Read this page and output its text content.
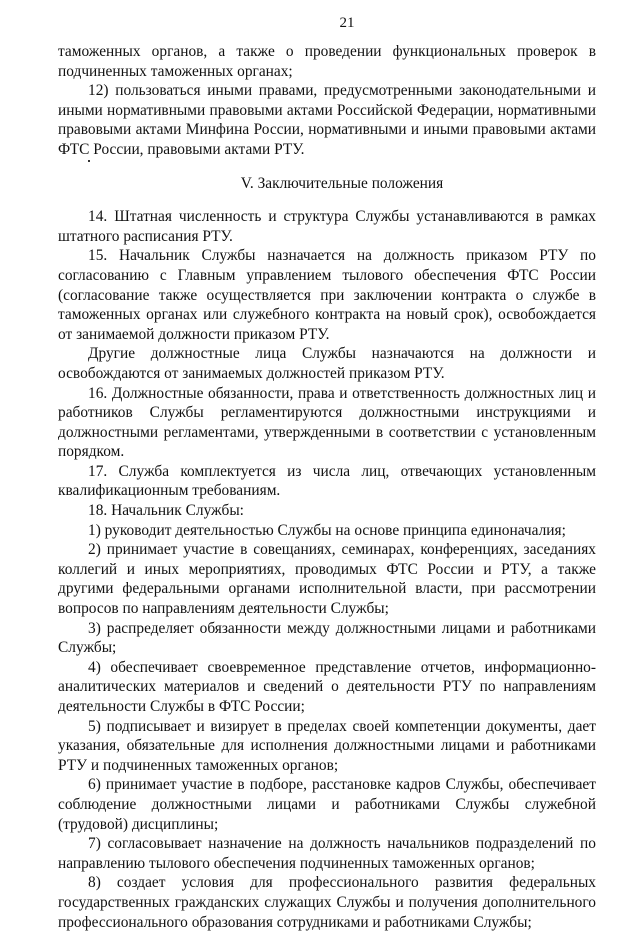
21

таможенных органов, а также о проведении функциональных проверок в подчиненных таможенных органах;

12) пользоваться иными правами, предусмотренными законодательными и иными нормативными правовыми актами Российской Федерации, нормативными правовыми актами Минфина России, нормативными и иными правовыми актами ФТС России, правовыми актами РТУ.

V. Заключительные положения

14. Штатная численность и структура Службы устанавливаются в рамках штатного расписания РТУ.

15. Начальник Службы назначается на должность приказом РТУ по согласованию с Главным управлением тылового обеспечения ФТС России (согласование также осуществляется при заключении контракта о службе в таможенных органах или служебного контракта на новый срок), освобождается от занимаемой должности приказом РТУ.

Другие должностные лица Службы назначаются на должности и освобождаются от занимаемых должностей приказом РТУ.

16. Должностные обязанности, права и ответственность должностных лиц и работников Службы регламентируются должностными инструкциями и должностными регламентами, утвержденными в соответствии с установленным порядком.

17. Служба комплектуется из числа лиц, отвечающих установленным квалификационным требованиям.

18. Начальник Службы:

1) руководит деятельностью Службы на основе принципа единоначалия;

2) принимает участие в совещаниях, семинарах, конференциях, заседаниях коллегий и иных мероприятиях, проводимых ФТС России и РТУ, а также другими федеральными органами исполнительной власти, при рассмотрении вопросов по направлениям деятельности Службы;

3) распределяет обязанности между должностными лицами и работниками Службы;

4) обеспечивает своевременное представление отчетов, информационно-аналитических материалов и сведений о деятельности РТУ по направлениям деятельности Службы в ФТС России;

5) подписывает и визирует в пределах своей компетенции документы, дает указания, обязательные для исполнения должностными лицами и работниками РТУ и подчиненных таможенных органов;

6) принимает участие в подборе, расстановке кадров Службы, обеспечивает соблюдение должностными лицами и работниками Службы служебной (трудовой) дисциплины;

7) согласовывает назначение на должность начальников подразделений по направлению тылового обеспечения подчиненных таможенных органов;

8) создает условия для профессионального развития федеральных государственных гражданских служащих Службы и получения дополнительного профессионального образования сотрудниками и работниками Службы;
